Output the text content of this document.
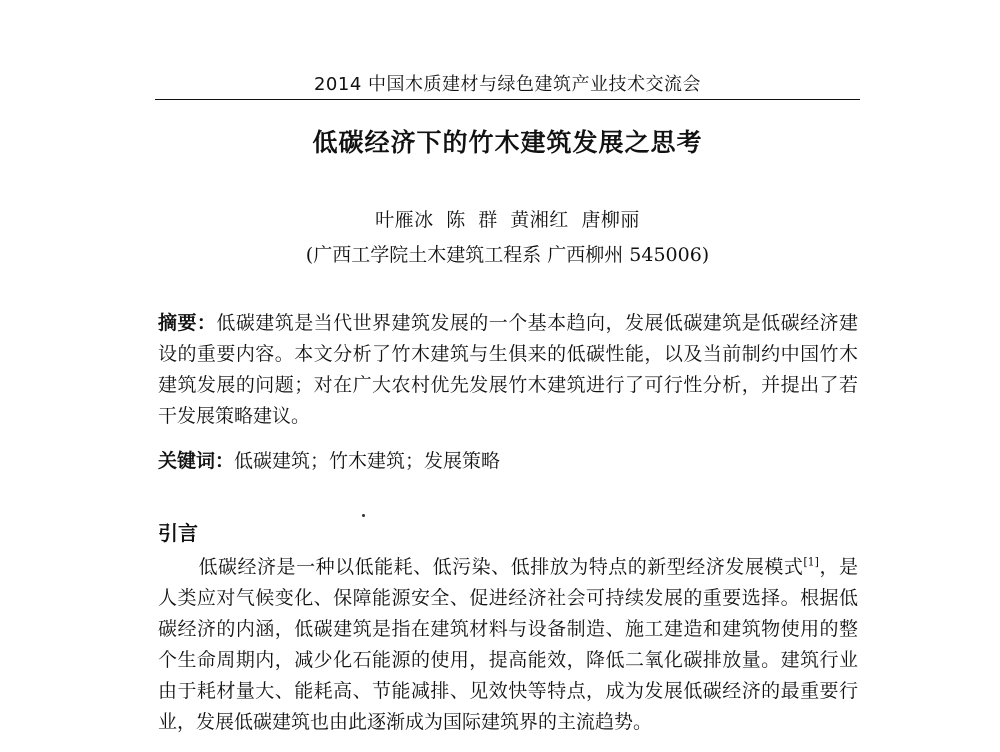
2014 中国木质建材与绿色建筑产业技术交流会
低碳经济下的竹木建筑发展之思考
叶雁冰 陈 群 黄湘红 唐柳丽
(广西工学院土木建筑工程系 广西柳州 545006)
摘要：低碳建筑是当代世界建筑发展的一个基本趋向，发展低碳建筑是低碳经济建设的重要内容。本文分析了竹木建筑与生俱来的低碳性能，以及当前制约中国竹木建筑发展的问题；对在广大农村优先发展竹木建筑进行了可行性分析，并提出了若干发展策略建议。
关键词：低碳建筑；竹木建筑；发展策略
引言
低碳经济是一种以低能耗、低污染、低排放为特点的新型经济发展模式[1]，是人类应对气候变化、保障能源安全、促进经济社会可持续发展的重要选择。根据低碳经济的内涵，低碳建筑是指在建筑材料与设备制造、施工建造和建筑物使用的整个生命周期内，减少化石能源的使用，提高能效，降低二氧化碳排放量。建筑行业由于耗材量大、能耗高、节能减排、见效快等特点，成为发展低碳经济的最重要行业，发展低碳建筑也由此逐渐成为国际建筑界的主流趋势。
